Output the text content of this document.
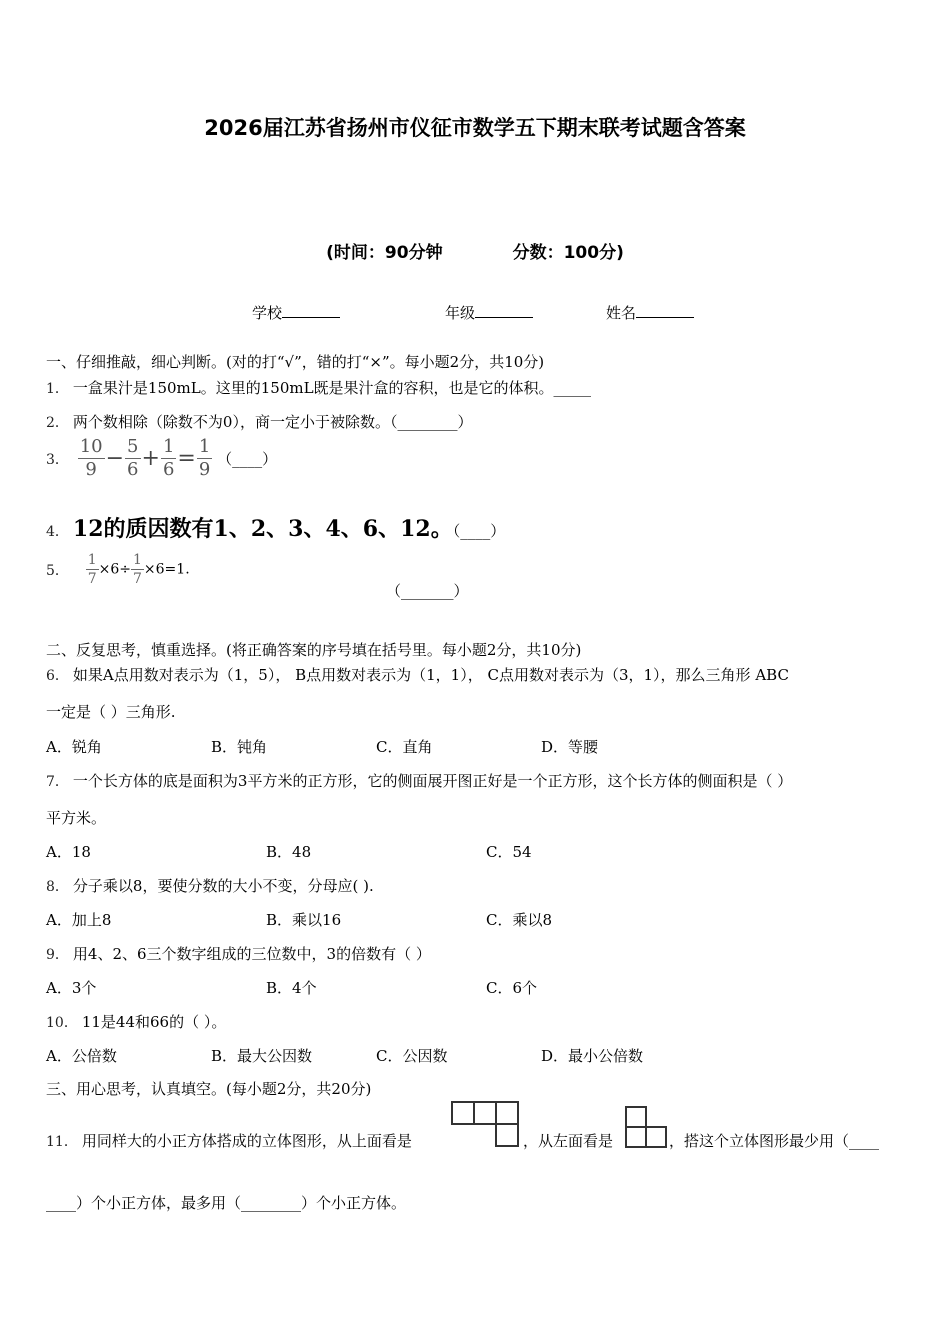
2026届江苏省扬州市仪征市数学五下期末联考试题含答案
(时间：90分钟	分数：100分)
学校	年级	姓名
一、仔细推敲，细心判断。(对的打“√”，错的打“×”。每小题2分，共10分)
1． 一盒果汁是150mL。这里的150mL既是果汁盒的容积，也是它的体积。_____
2． 两个数相除（除数不为0），商一定小于被除数。（________）
3． $\frac{10}{9} - \frac{5}{6} + \frac{1}{6} = \frac{1}{9}$ （____）
4． 12的质因数有1、2、3、4、6、12。（____）
5． $\frac{1}{7} \times 6\div \frac{1}{7} \times 6=1$.
（_______）
二、反复思考，慎重选择。(将正确答案的序号填在括号里。每小题2分，共10分)
6． 如果A点用数对表示为（1，5）， B点用数对表示为（1，1）， C点用数对表示为（3，1），那么三角形 ABC
一定是（ ）三角形.
A．锐角	B．钝角	C．直角	D．等腰
7． 一个长方体的底是面积为3平方米的正方形，它的侧面展开图正好是一个正方形，这个长方体的侧面积是（ ）
平方米。
A．18	B．48	C．54
8． 分子乘以8，要使分数的大小不变，分母应( ).
A．加上8	B．乘以16	C．乘以8
9． 用4、2、6三个数字组成的三位数中，3的倍数有（ ）
A．3个	B．4个	C．6个
10． 11是44和66的（ ）。
A．公倍数	B．最大公因数	C．公因数	D．最小公倍数
三、用心思考，认真填空。(每小题2分，共20分)
11． 用同样大的小正方体搭成的立体图形，从上面看是	，从左面看是	，搭这个立体图形最少用（____
____）个小正方体，最多用（________）个小正方体。
